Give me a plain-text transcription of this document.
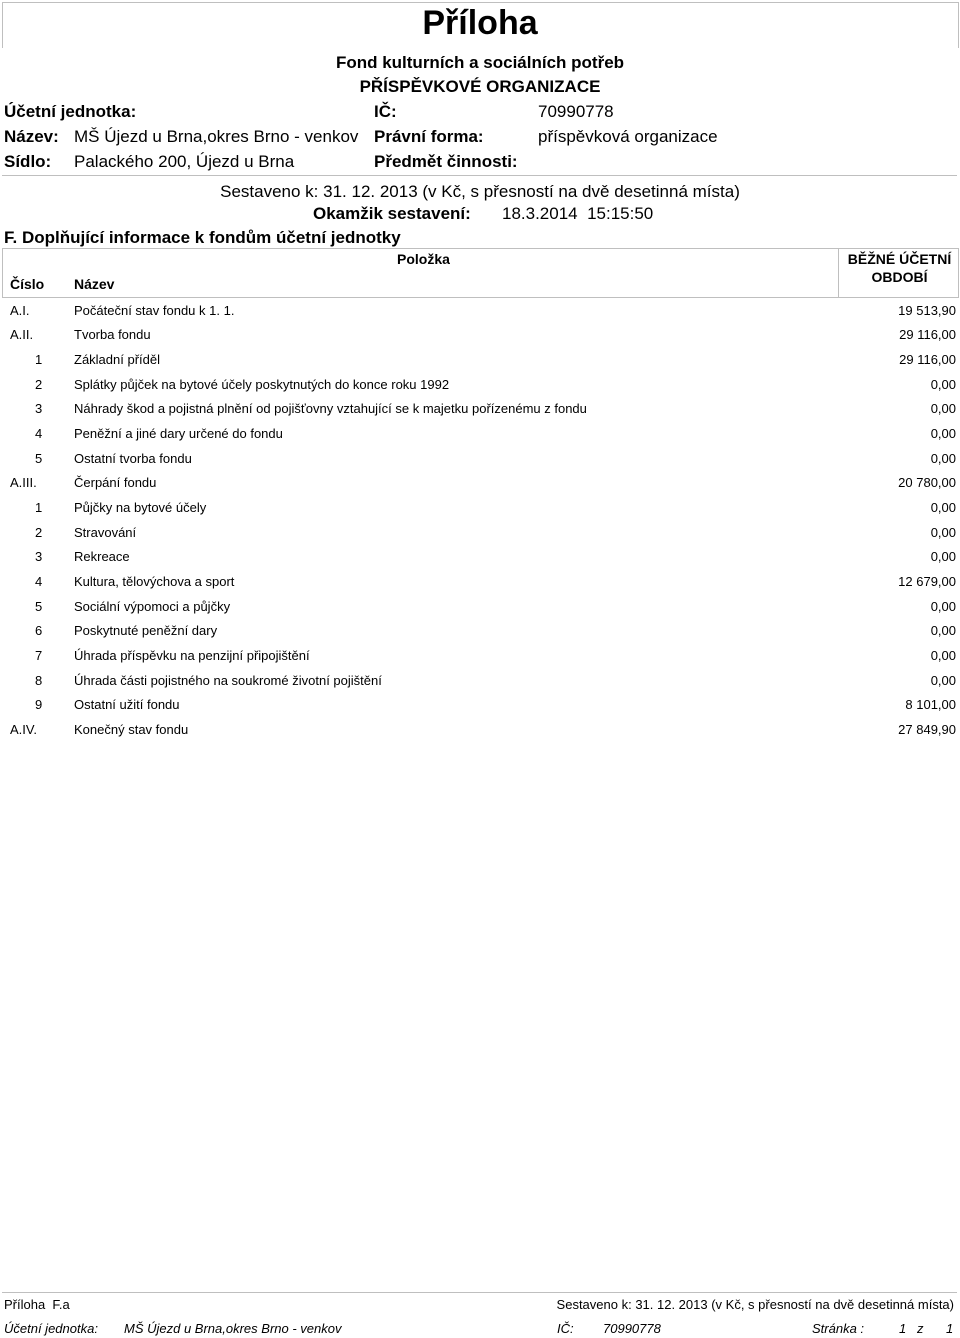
Příloha
Fond kulturních a sociálních potřeb
PŘÍSPĚVKOVÉ ORGANIZACE
Účetní jednotka:
Název: MŠ Újezd u Brna,okres Brno - venkov
Sídlo: Palackého 200, Újezd u Brna
IČ:	70990778
Právní forma:	příspěvková organizace
Předmět činnosti:
Sestaveno k: 31. 12. 2013 (v Kč, s přesností na dvě desetinná místa)
Okamžik sestavení: 18.3.2014  15:15:50
F. Doplňující informace k fondům účetní jednotky
Položka
Číslo Název
BĚŽNÉ ÚČETNÍ
OBDOBÍ
A.I.	Počáteční stav fondu k 1. 1.	19 513,90
A.II.	Tvorba fondu	29 116,00
1 Základní příděl	29 116,00
2 Splátky půjček na bytové účely poskytnutých do konce roku 1992	0,00
3 Náhrady škod a pojistná plnění od pojišťovny vztahující se k majetku pořízenému z fondu	0,00
4 Peněžní a jiné dary určené do fondu	0,00
5 Ostatní tvorba fondu	0,00
A.III.	Čerpání fondu	20 780,00
1 Půjčky na bytové účely	0,00
2 Stravování	0,00
3 Rekreace	0,00
4 Kultura, tělovýchova a sport	12 679,00
5 Sociální výpomoci a půjčky	0,00
6 Poskytnuté peněžní dary	0,00
7 Úhrada příspěvku na penzijní připojištění	0,00
8 Úhrada části pojistného na soukromé životní pojištění	0,00
9 Ostatní užití fondu	8 101,00
A.IV.	Konečný stav fondu	27 849,90
Příloha  F.a	Sestaveno k: 31. 12. 2013 (v Kč, s přesností na dvě desetinná místa)
Účetní jednotka: MŠ Újezd u Brna,okres Brno - venkov	IČ: 70990778	Stránka :	1 z 1
